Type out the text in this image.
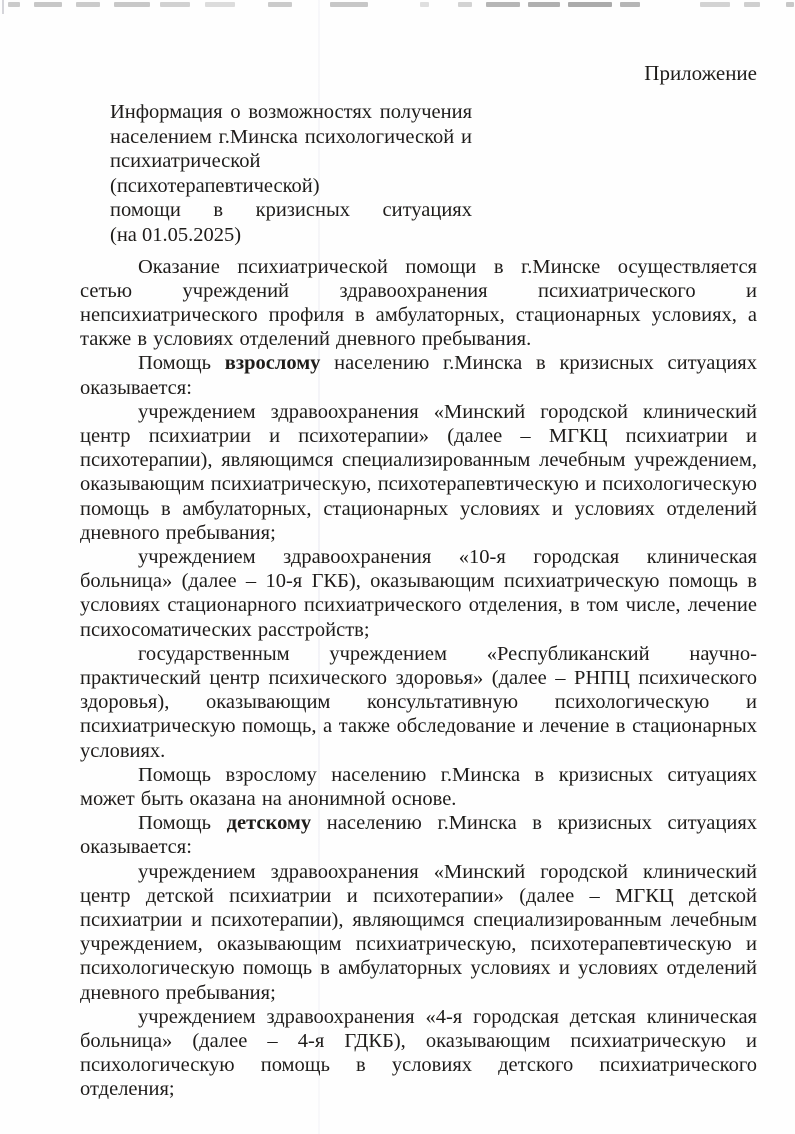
Приложение
Информация о возможностях получения
населением г.Минска психологической и
психиатрической (психотерапевтической)
помощи в кризисных ситуациях
(на 01.05.2025)

Оказание психиатрической помощи в г.Минске осуществляется сетью учреждений здравоохранения психиатрического и непсихиатрического профиля в амбулаторных, стационарных условиях, а также в условиях отделений дневного пребывания.

Помощь взрослому населению г.Минска в кризисных ситуациях оказывается:

учреждением здравоохранения «Минский городской клинический центр психиатрии и психотерапии» (далее – МГКЦ психиатрии и психотерапии), являющимся специализированным лечебным учреждением, оказывающим психиатрическую, психотерапевтическую и психологическую помощь в амбулаторных, стационарных условиях и условиях отделений дневного пребывания;

учреждением здравоохранения «10-я городская клиническая больница» (далее – 10-я ГКБ), оказывающим психиатрическую помощь в условиях стационарного психиатрического отделения, в том числе, лечение психосоматических расстройств;

государственным учреждением «Республиканский научно-практический центр психического здоровья» (далее – РНПЦ психического здоровья), оказывающим консультативную психологическую и психиатрическую помощь, а также обследование и лечение в стационарных условиях.

Помощь взрослому населению г.Минска в кризисных ситуациях может быть оказана на анонимной основе.

Помощь детскому населению г.Минска в кризисных ситуациях оказывается:

учреждением здравоохранения «Минский городской клинический центр детской психиатрии и психотерапии» (далее – МГКЦ детской психиатрии и психотерапии), являющимся специализированным лечебным учреждением, оказывающим психиатрическую, психотерапевтическую и психологическую помощь в амбулаторных условиях и условиях отделений дневного пребывания;

учреждением здравоохранения «4-я городская детская клиническая больница» (далее – 4-я ГДКБ), оказывающим психиатрическую и психологическую помощь в условиях детского психиатрического отделения;
